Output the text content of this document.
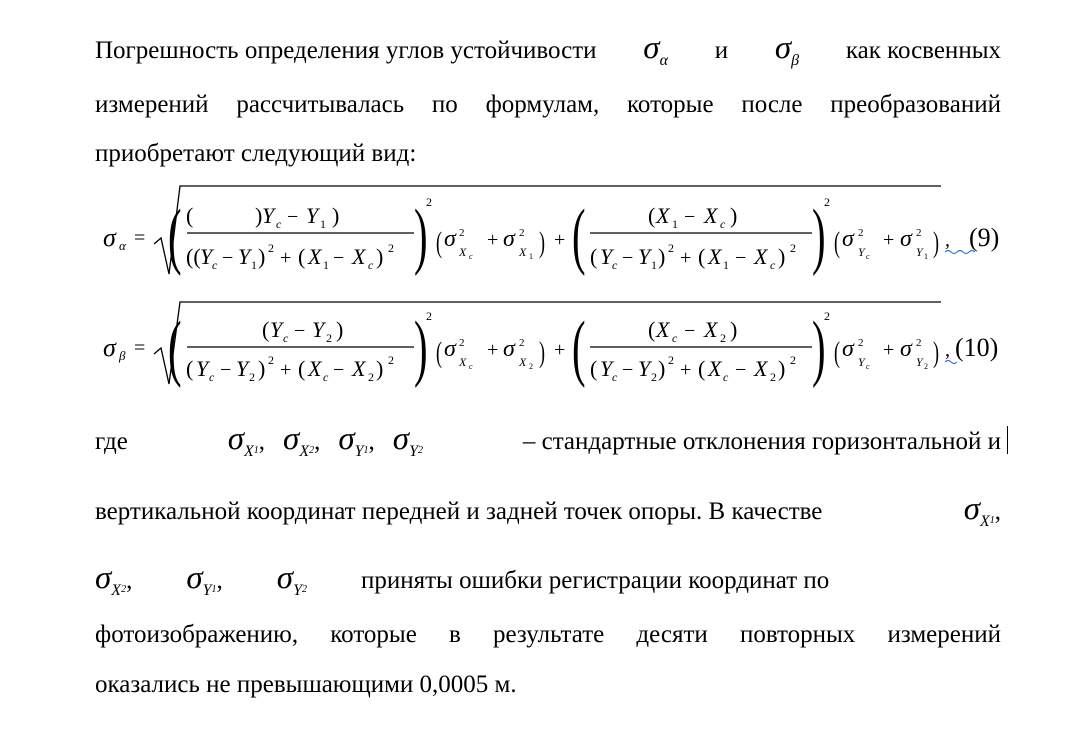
Погрешность определения углов устойчивости $\sigma_\alpha$ и $\sigma_\beta$ как косвенных
измерений рассчитывалась по формулам, которые после преобразований
приобретают следующий вид:
σ α = ( (	) Y c − Y 1 )
(( Y c − Y 1 ) 2 + ( X 1 − X c ) 2 )
2
( σ 2
X c
+ σ 2
X 1 ) + (	( X 1 − X c )
( Y c − Y 1 ) 2 + ( X 1 − X c ) 2 )
2
( σ 2
Y c
+ σ 2
Y 1 ) , (9)
σ β = (	( Y c − Y 2 )
( Y c − Y 2 ) 2 + ( X c − X 2 ) 2 )
2
( σ 2
X c
+ σ 2
X 2 ) + (	( X c − X 2 )
( Y c − Y 2 ) 2 + ( X c − X 2 ) 2 )
2
( σ 2
Y c
+ σ 2
Y 2 ) , (10)
где	$\sigma_X1$, $\sigma_X2$, $\sigma_Y1$, $\sigma_Y2$	– стандартные отклонения горизонтальной и
вертикальной координат передней и задней точек опоры. В качестве	$\sigma_X1$,
$\sigma_X2$, $\sigma_Y1$, $\sigma_Y2$ приняты ошибки регистрации координат по
фотоизображению, которые в результате десяти повторных измерений
оказались не превышающими 0,0005 м.
